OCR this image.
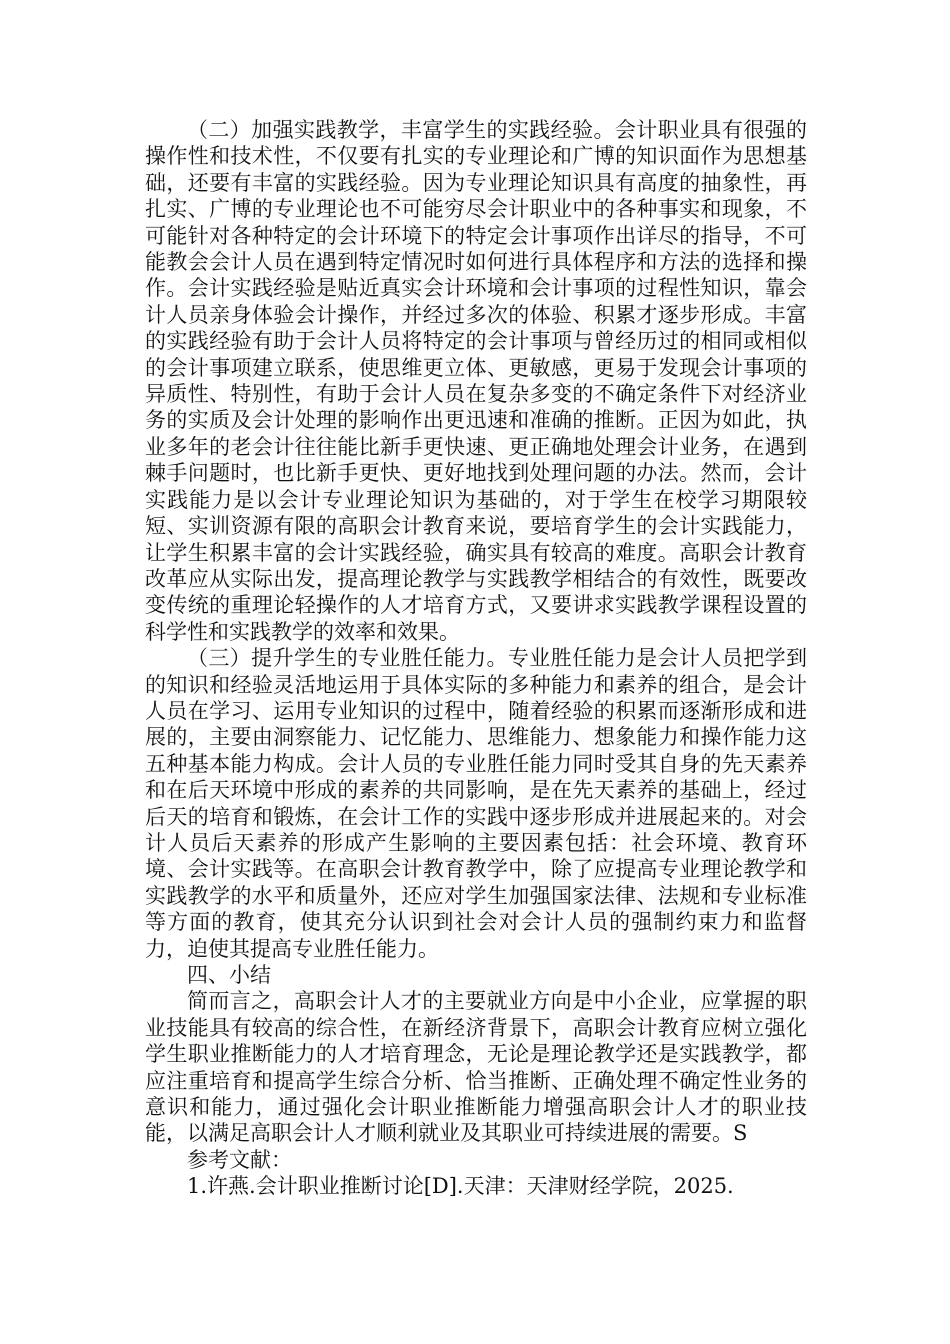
（二）加强实践教学，丰富学生的实践经验。会计职业具有很强的操作性和技术性，不仅要有扎实的专业理论和广博的知识面作为思想基础，还要有丰富的实践经验。因为专业理论知识具有高度的抽象性，再扎实、广博的专业理论也不可能穷尽会计职业中的各种事实和现象，不可能针对各种特定的会计环境下的特定会计事项作出详尽的指导，不可能教会会计人员在遇到特定情况时如何进行具体程序和方法的选择和操作。会计实践经验是贴近真实会计环境和会计事项的过程性知识，靠会计人员亲身体验会计操作，并经过多次的体验、积累才逐步形成。丰富的实践经验有助于会计人员将特定的会计事项与曾经历过的相同或相似的会计事项建立联系，使思维更立体、更敏感，更易于发现会计事项的异质性、特别性，有助于会计人员在复杂多变的不确定条件下对经济业务的实质及会计处理的影响作出更迅速和准确的推断。正因为如此，执业多年的老会计往往能比新手更快速、更正确地处理会计业务，在遇到棘手问题时，也比新手更快、更好地找到处理问题的办法。然而，会计实践能力是以会计专业理论知识为基础的，对于学生在校学习期限较短、实训资源有限的高职会计教育来说，要培育学生的会计实践能力，让学生积累丰富的会计实践经验，确实具有较高的难度。高职会计教育改革应从实际出发，提高理论教学与实践教学相结合的有效性，既要改变传统的重理论轻操作的人才培育方式，又要讲求实践教学课程设置的科学性和实践教学的效率和效果。

（三）提升学生的专业胜任能力。专业胜任能力是会计人员把学到的知识和经验灵活地运用于具体实际的多种能力和素养的组合，是会计人员在学习、运用专业知识的过程中，随着经验的积累而逐渐形成和进展的，主要由洞察能力、记忆能力、思维能力、想象能力和操作能力这五种基本能力构成。会计人员的专业胜任能力同时受其自身的先天素养和在后天环境中形成的素养的共同影响，是在先天素养的基础上，经过后天的培育和锻炼，在会计工作的实践中逐步形成并进展起来的。对会计人员后天素养的形成产生影响的主要因素包括：社会环境、教育环境、会计实践等。在高职会计教育教学中，除了应提高专业理论教学和实践教学的水平和质量外，还应对学生加强国家法律、法规和专业标准等方面的教育，使其充分认识到社会对会计人员的强制约束力和监督力，迫使其提高专业胜任能力。

四、小结

简而言之，高职会计人才的主要就业方向是中小企业，应掌握的职业技能具有较高的综合性，在新经济背景下，高职会计教育应树立强化学生职业推断能力的人才培育理念，无论是理论教学还是实践教学，都应注重培育和提高学生综合分析、恰当推断、正确处理不确定性业务的意识和能力，通过强化会计职业推断能力增强高职会计人才的职业技能，以满足高职会计人才顺利就业及其职业可持续进展的需要。S

参考文献：

1.许燕.会计职业推断讨论[D].天津：天津财经学院，2025.
